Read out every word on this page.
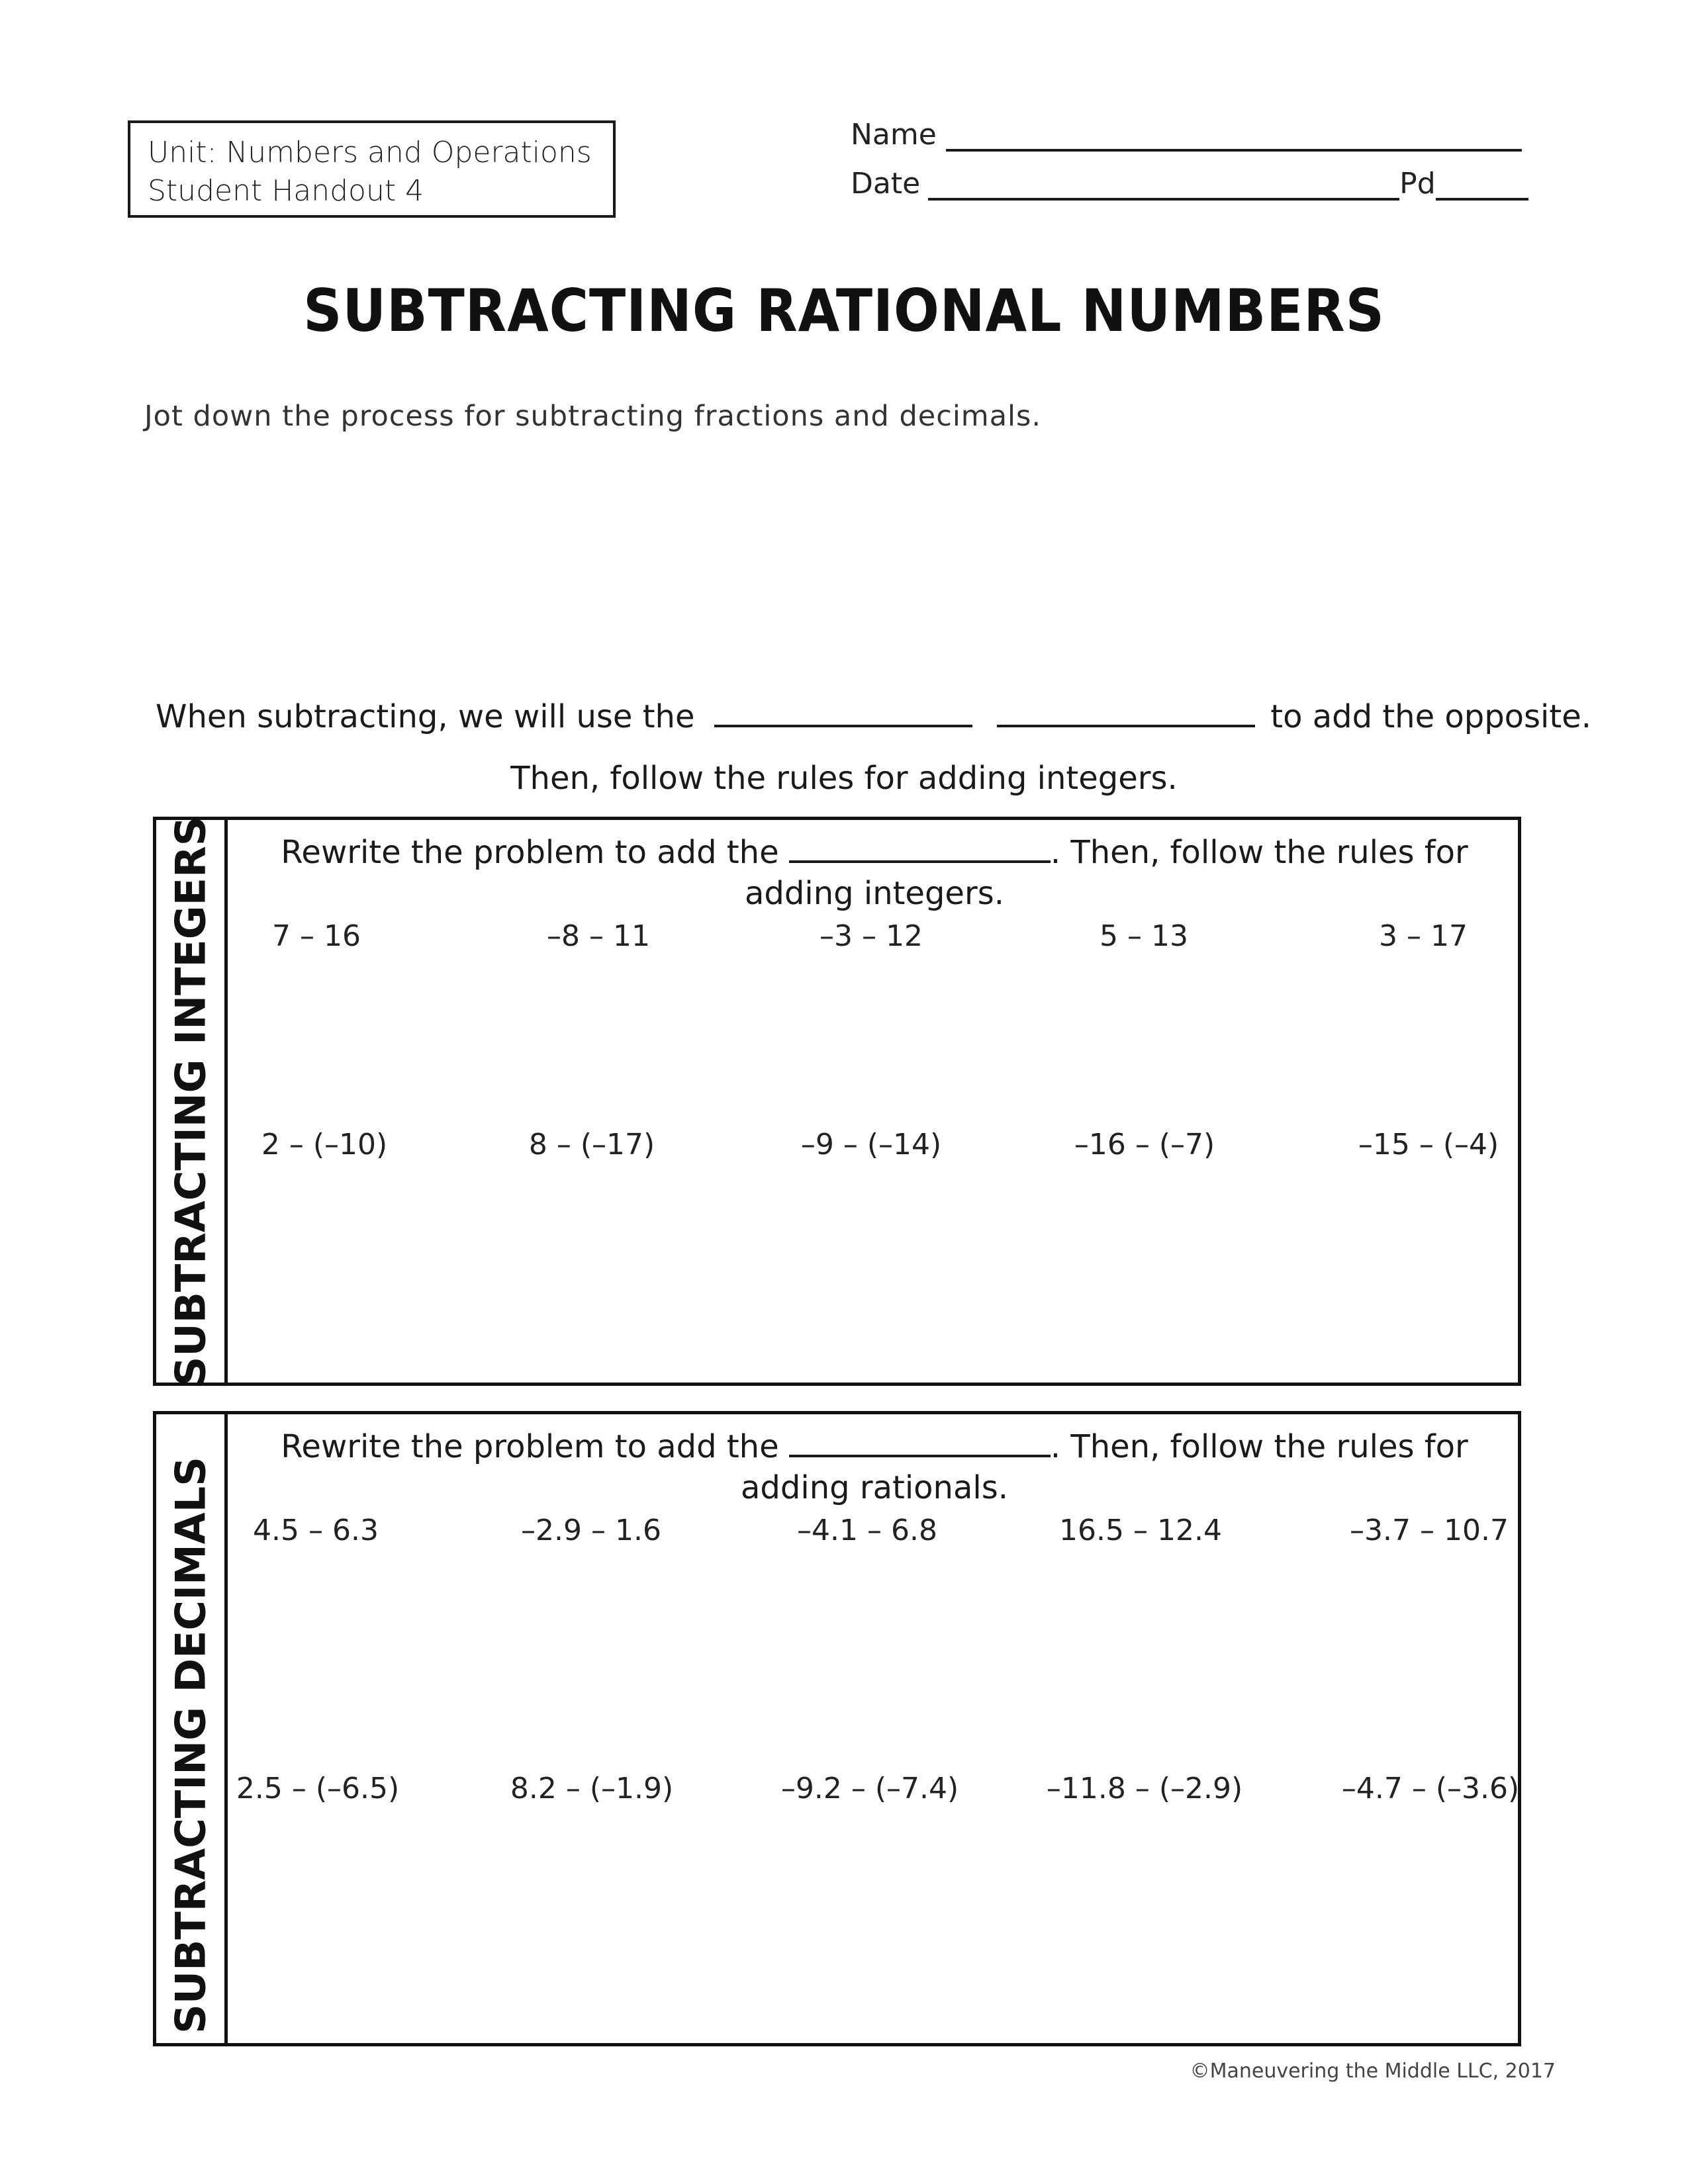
Unit: Numbers and Operations
Student Handout 4
Name
Date	Pd
SUBTRACTING RATIONAL NUMBERS
Jot down the process for subtracting fractions and decimals.
When subtracting, we will use the	to add the opposite.
Then, follow the rules for adding integers.
SUBTRACTING INTEGERS	Rewrite the problem to add the	. Then, follow the rules for
adding integers.
7 – 16	–8 – 11	–3 – 12	5 – 13	3 – 17
2 – (–10)	8 – (–17)	–9 – (–14)	–16 – (–7)	–15 – (–4)
SUBTRACTING DECIMALS
Rewrite the problem to add the	. Then, follow the rules for
adding rationals.
4.5 – 6.3	–2.9 – 1.6	–4.1 – 6.8	16.5 – 12.4	–3.7 – 10.7
2.5 – (–6.5)	8.2 – (–1.9)	–9.2 – (–7.4)	–11.8 – (–2.9)	–4.7 – (–3.6)
©Maneuvering the Middle LLC, 2017
